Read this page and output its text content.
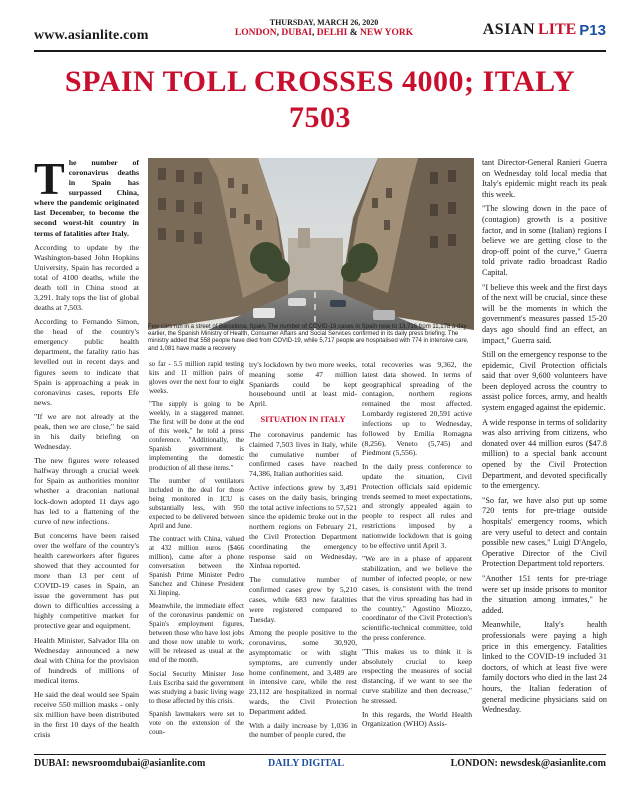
www.asianlite.com
THURSDAY, MARCH 26, 2020
LONDON, DUBAI, DELHI & NEW YORK	ASIAN LITE P13
SPAIN TOLL CROSSES 4000; ITALY 7503

The number of coronavirus deaths in Spain has surpassed China, where the pandemic originated last December, to become the second worst-hit country in terms of fatalities after Italy.

According to update by the Washington-based John Hopkins University, Spain has recorded a total of 4100 deaths, while the death toll in China stood at 3,291. Italy tops the list of global deaths at 7,503.

According to Fernando Simon, the head of the country's emergency public health department, the fatality ratio has levelled out in recent days and figures seem to indicate that Spain is approaching a peak in coronavirus cases, reports Efe news.

"If we are not already at the peak, then we are close," he said in his daily briefing on Wednesday.

The new figures were released halfway through a crucial week for Spain as authorities monitor whether a draconian national lock-down adopted 11 days ago has led to a flattening of the curve of new infections.

But concerns have been raised over the welfare of the country's health careworkers after figures showed that they accounted for more than 13 per cent of COVID-19 cases in Spain, an issue the government has put down to difficulties accessing a highly competitive market for protective gear and equipment.

Health Minister, Salvador Illa on Wednesday announced a new deal with China for the provision of hundreds of millions of medical items.

He said the deal would see Spain receive 550 million masks - only six million have been distributed in the first 10 days of the health crisis

Few cars run in a street of Barcelona, Spain. The number of COVID-19 cases in Spain rose to 13,716 from 11,178 a day earlier, the Spanish Ministry of Health, Consumer Affairs and Social Services confirmed in its daily press briefing. The ministry added that 558 people have died from COVID-19, while 5,717 people are hospitalised with 774 in intensive care, and 1,081 have made a recovery

so far - 5.5 million rapid testing kits and 11 million pairs of gloves over the next four to eight weeks.

"The supply is going to be weekly, in a staggered manner. The first will be done at the end of this week," he told a press conference. "Additionally, the Spanish government is implementing the domestic production of all these items."

The number of ventilators included in the deal for those being monitored in ICU is substantially less, with 950 expected to be delivered between April and June.

The contract with China, valued at 432 million euros ($466 million), came after a phone conversation between the Spanish Prime Minister Pedro Sanchez and Chinese President Xi Jinping.

Meanwhile, the immediate effect of the coronavirus pandemic on Spain's employment figures, between those who have lost jobs and those now unable to work, will be released as usual at the end of the month.

Social Security Minister Jose Luis Escriba said the government was studying a basic living wage to those affected by this crisis.

Spanish lawmakers were set to vote on the extension of the coun-

try's lockdown by two more weeks, meaning some 47 million Spaniards could be kept housebound until at least mid-April.

SITUATION IN ITALY

The coronavirus pandemic has claimed 7,503 lives in Italy, while the cumulative number of confirmed cases have reached 74,386, Italian authorities said.

Active infections grew by 3,491 cases on the daily basis, bringing the total active infections to 57,521 since the epidemic broke out in the northern regions on February 21, the Civil Protection Department coordinating the emergency response said on Wednesday, Xinhua reported.

The cumulative number of confirmed cases grew by 5,210 cases, while 683 new fatalities were registered compared to Tuesday.

Among the people positive to the coronavirus, some 30,920, asymptomatic or with slight symptoms, are currently under home confinement, and 3,489 are in intensive care, while the rest 23,112 are hospitalized in normal wards, the Civil Protection Department added.

With a daily increase by 1,036 in the number of people cured, the

total recoveries was 9,362, the latest data showed. In terms of geographical spreading of the contagion, northern regions remained the most affected. Lombardy registered 20,591 active infections up to Wednesday, followed by Emilia Romagna (8,256), Veneto (5,745) and Piedmont (5,556).

In the daily press conference to update the situation, Civil Protection officials said epidemic trends seemed to meet expectations, and strongly appealed again to people to respect all rules and restrictions imposed by a nationwide lockdown that is going to be effective until April 3.

"We are in a phase of apparent stabilization, and we believe the number of infected people, or new cases, is consistent with the trend that the virus spreading has had in the country," Agostino Miozzo, coordinator of the Civil Protection's scientific-technical committee, told the press conference.

"This makes us to think it is absolutely crucial to keep respecting the measures of social distancing, if we want to see the curve stabilize and then decrease," he stressed.

In this regards, the World Health Organization (WHO) Assis-

tant Director-General Ranieri Guerra on Wednesday told local media that Italy's epidemic might reach its peak this week.

"The slowing down in the pace of (contagion) growth is a positive factor, and in some (Italian) regions I believe we are getting close to the drop-off point of the curve," Guerra told private radio broadcast Radio Capital.

"I believe this week and the first days of the next will be crucial, since these will be the moments in which the government's measures passed 15-20 days ago should find an effect, an impact," Guerra said.

Still on the emergency response to the epidemic, Civil Protection officials said that over 9,600 volunteers have been deployed across the country to assist police forces, army, and health system engaged against the epidemic.

A wide response in terms of solidarity was also arriving from citizens, who donated over 44 million euros ($47.8 million) to a special bank account opened by the Civil Protection Department, and devoted specifically to the emergency.

"So far, we have also put up some 720 tents for pre-triage outside hospitals' emergency rooms, which are very useful to detect and contain possible new cases," Luigi D'Angelo, Operative Director of the Civil Protection Department told reporters.

"Another 151 tents for pre-triage were set up inside prisons to monitor the situation among inmates," he added.

Meanwhile, Italy's health professionals were paying a high price in this emergency. Fatalities linked to the COVID-19 included 31 doctors, of which at least five were family doctors who died in the last 24 hours, the Italian federation of general medicine physicians said on Wednesday.

DUBAI: newsroomdubai@asianlite.com	DAILY DIGITAL	LONDON: newsdesk@asianlite.com
